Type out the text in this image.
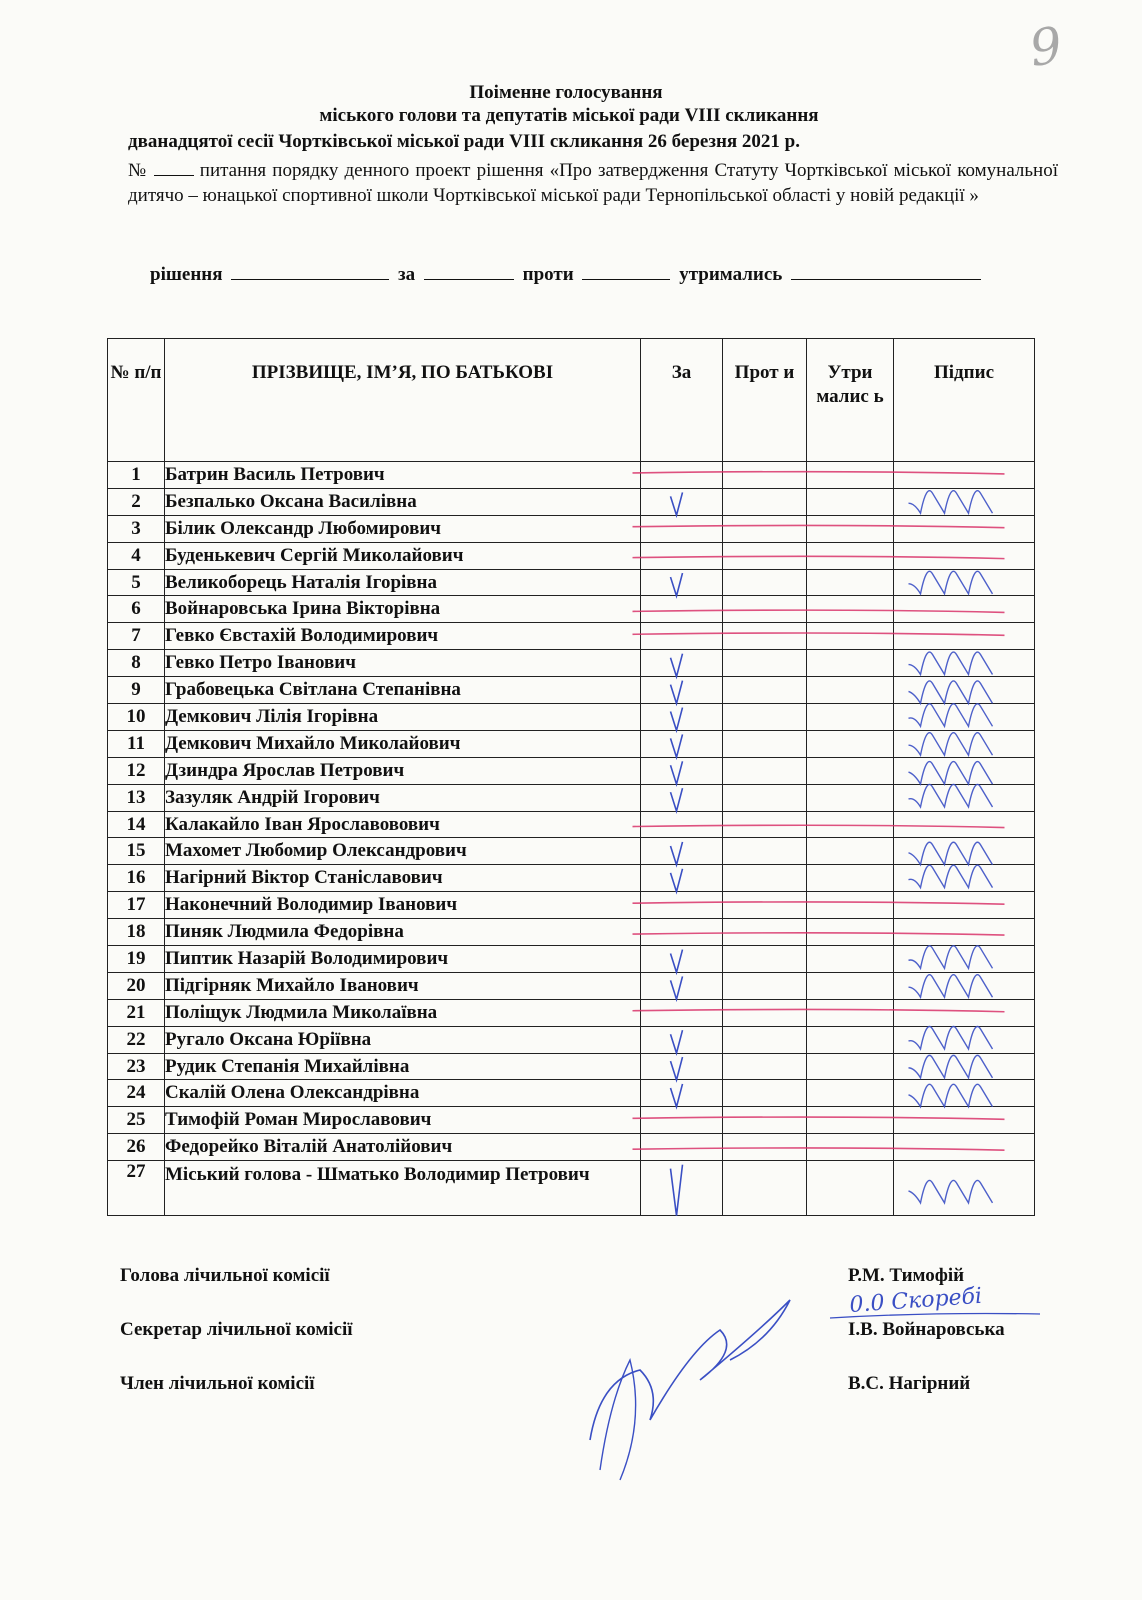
9
Поіменне голосування
міського голови та депутатів міської ради VIII скликання
дванадцятої сесії Чортківської міської ради VIII скликання 26 березня 2021 р.
№	питання порядку денного проект рішення «Про затвердження Статуту Чортківської міської комунальної дитячо – юнацької спортивної школи Чортківської міської ради Тернопільської області у новій редакції »
рішення	за	проти	утримались
№ п/п	ПРІЗВИЩЕ, ІМ’Я, ПО БАТЬКОВІ	За	Прот и	Утри малис ь	Підпис
1	Батрин Василь Петрович				
2	Безпалько Оксана Василівна				
3	Білик Олександр Любомирович				
4	Буденькевич Сергій Миколайович				
5	Великоборець Наталія Ігорівна				
6	Войнаровська Ірина Вікторівна				
7	Гевко Євстахій Володимирович				
8	Гевко Петро Іванович				
9	Грабовецька Світлана Степанівна				
10	Демкович Лілія Ігорівна				
11	Демкович Михайло Миколайович				
12	Дзиндра Ярослав Петрович				
13	Зазуляк Андрій Ігорович				
14	Калакайло Іван Ярославовович				
15	Махомет Любомир Олександрович				
16	Нагірний Віктор Станіславович				
17	Наконечний Володимир Іванович				
18	Пиняк Людмила Федорівна				
19	Пиптик Назарій Володимирович				
20	Підгірняк Михайло Іванович				
21	Поліщук Людмила Миколаївна				
22	Ругало Оксана Юріївна				
23	Рудик Степанія Михайлівна				
24	Скалій Олена Олександрівна				
25	Тимофій Роман Мирославович				
26	Федорейко Віталій Анатолійович				
27	Міський голова - Шматько Володимир Петрович				
0.0 Скоребі
Голова лічильної комісії	Р.М. Тимофій
Секретар лічильної комісії	І.В. Войнаровська
Член лічильної комісії	В.С. Нагірний
